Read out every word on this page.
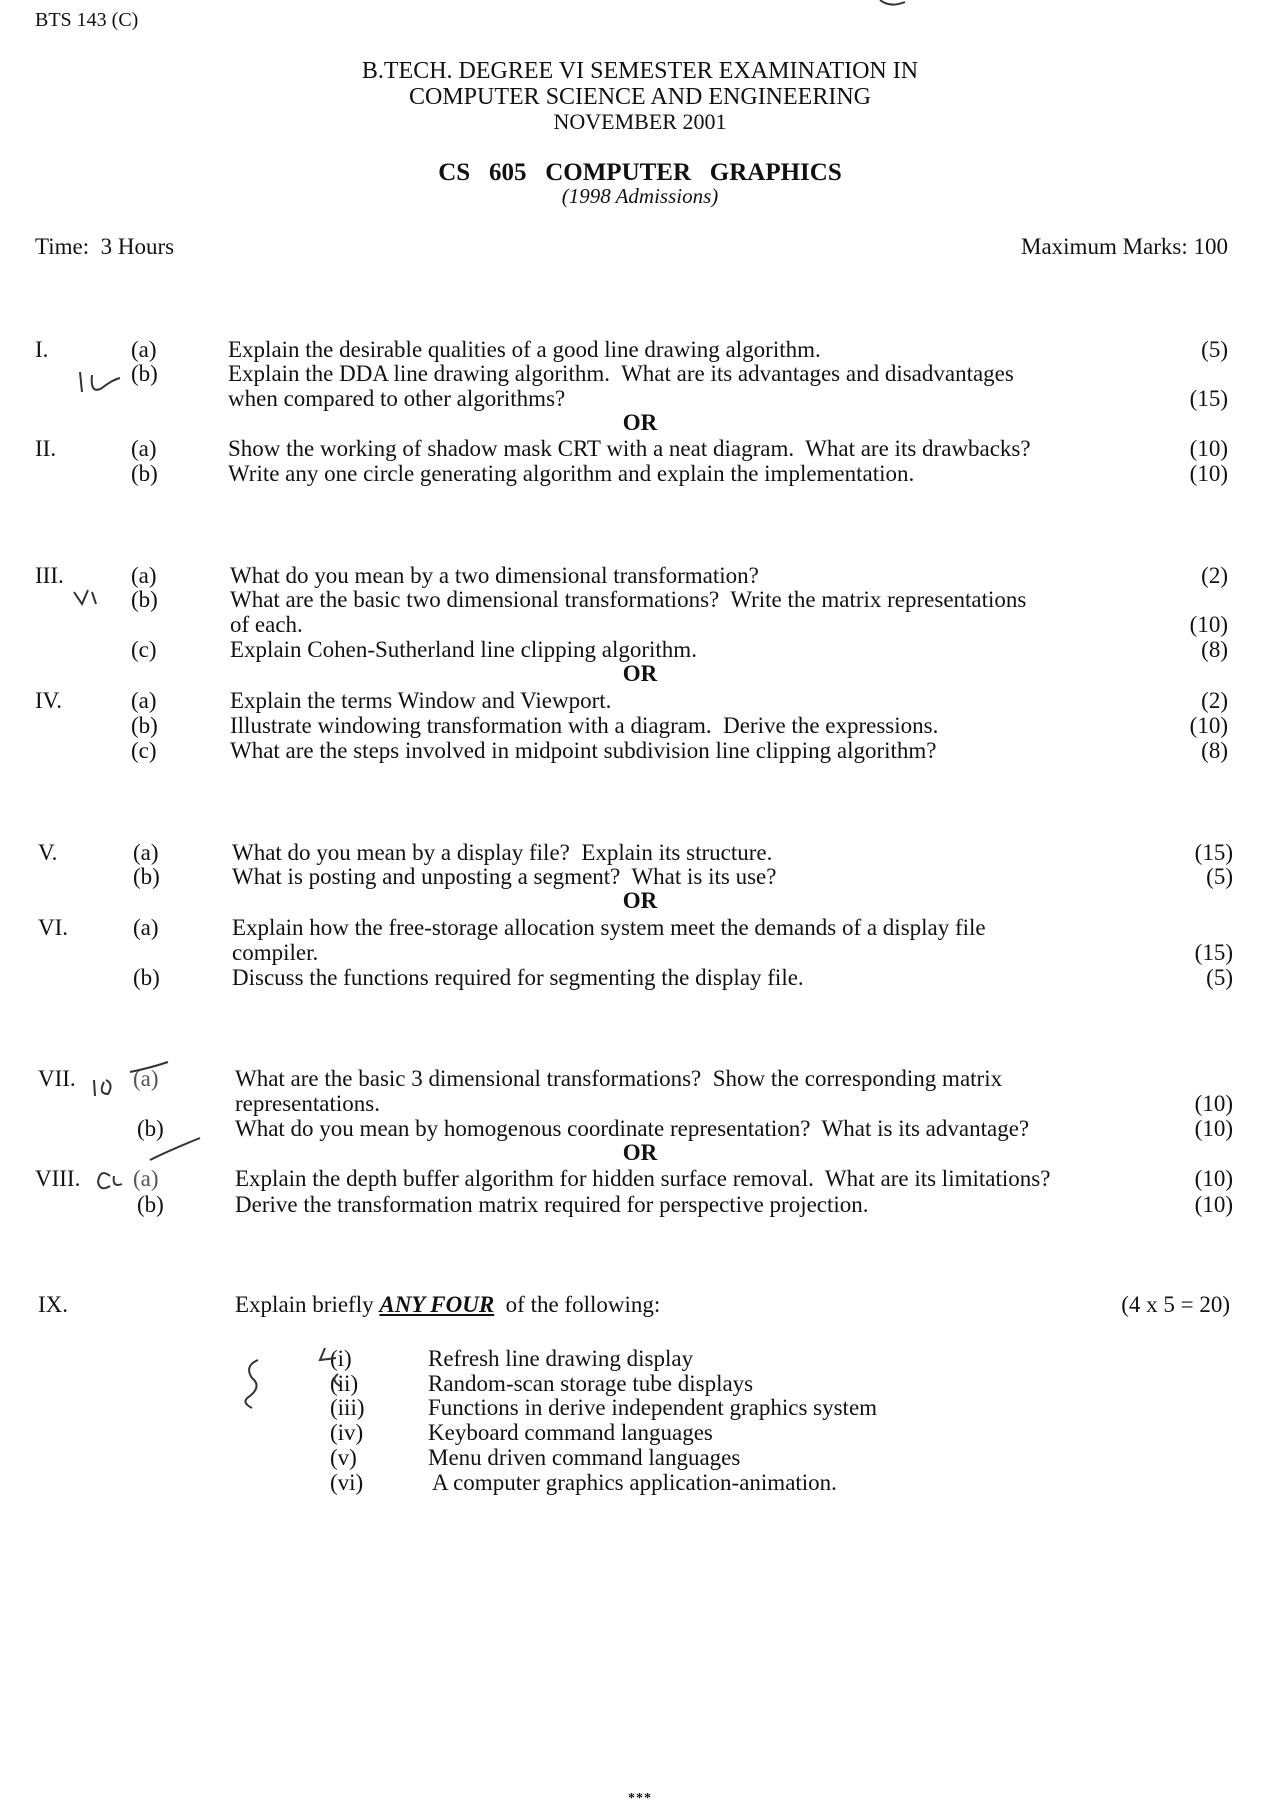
BTS 143 (C)
B.TECH. DEGREE VI SEMESTER EXAMINATION IN
COMPUTER SCIENCE AND ENGINEERING
NOVEMBER 2001
CS   605   COMPUTER   GRAPHICS
(1998 Admissions)
Time:  3 Hours	Maximum Marks: 100
I.	(a)	Explain the desirable qualities of a good line drawing algorithm.	(5)
(b)	Explain the DDA line drawing algorithm.  What are its advantages and disadvantages
when compared to other algorithms?	(15)
OR
II.	(a)	Show the working of shadow mask CRT with a neat diagram.  What are its drawbacks?	(10)
(b)	Write any one circle generating algorithm and explain the implementation.	(10)
III.	(a)	What do you mean by a two dimensional transformation?	(2)
(b)	What are the basic two dimensional transformations?  Write the matrix representations
of each.	(10)
(c)	Explain Cohen-Sutherland line clipping algorithm.	(8)
OR
IV.	(a)	Explain the terms Window and Viewport.	(2)
(b)	Illustrate windowing transformation with a diagram.  Derive the expressions.	(10)
(c)	What are the steps involved in midpoint subdivision line clipping algorithm?	(8)
V.	(a)	What do you mean by a display file?  Explain its structure.	(15)
(b)	What is posting and unposting a segment?  What is its use?	(5)
OR
VI.	(a)	Explain how the free-storage allocation system meet the demands of a display file
compiler.	(15)
(b)	Discuss the functions required for segmenting the display file.	(5)
VII. (a)	What are the basic 3 dimensional transformations?  Show the corresponding matrix
representations.	(10)
(b)	What do you mean by homogenous coordinate representation?  What is its advantage?	(10)
OR
VIII. (a)	Explain the depth buffer algorithm for hidden surface removal.  What are its limitations?	(10)
(b)	Derive the transformation matrix required for perspective projection.	(10)
IX.	Explain briefly ANY FOUR  of the following:	(4 x 5 = 20)
(i)	Refresh line drawing display
(ii)	Random-scan storage tube displays
(iii)	Functions in derive independent graphics system
(iv)	Keyboard command languages
(v)	Menu driven command languages
(vi)	A computer graphics application-animation.
***
